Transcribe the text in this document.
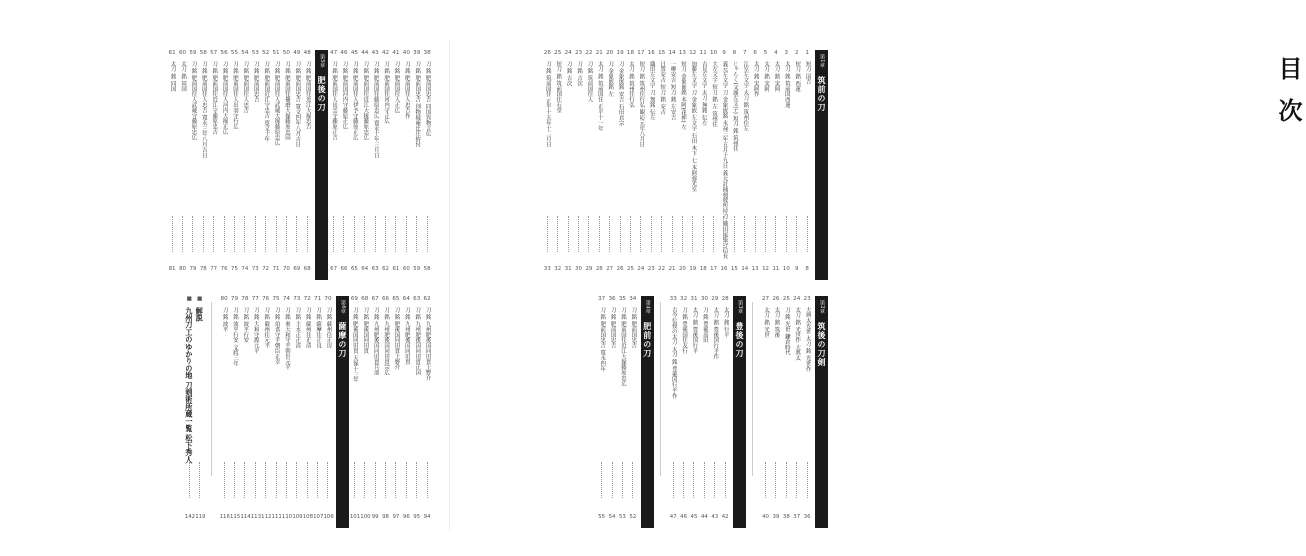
目次
第1章
筑前の刀
1
短刀 国吉
8
2
短刀 銘 西蓮
9
3
太刀 銘 筑前国西蓮
10
4
太刀 銘 実阿
11
5
太刀 銘 実阿
12
6
太刀 銘 実阿作
13
7
江室左文字 太刀 銘 筑州住左
14
8
じゃらく(又廣左文字) 短刀 銘 筑州住
15
9
義元左文字 刀 金象嵌銘 永禄三年五月十九日 義元討捕刻彼所持刀 織田尾張守信長
16
10
大左文字 短刀 銘 左 筑州住
17
11
吉見左文字 太刀 無銘 伝左
18
12
加藤左文字 刀 金象嵌 左文字 石田 木下 七 本阿弥光室
19
13
短刀 金象嵌銘 本阿(花押) 左
20
14
一柳安吉 短刀 銘 左安吉
21
15
日置安吉 短刀 銘 安吉
22
16
織田左文字 刀 無銘 伝左
23
17
短刀 銘 筑州住行弘 観応元年八月日
24
18
太刀 銘 筑州住行弘
25
19
刀 金象嵌銘 安吉 石田貞宗
26
20
刀 金象嵌銘 左
27
21
太刀 銘 筑前国住 正平十一年
28
22
刀 銘 筑前国住人
29
23
刀 銘 吉次
30
24
刀 銘 吉次
31
25
短刀 銘 筑前国住石堂
32
26
刀 銘 筑前国住 正平十五年十二月日
33
第2章
筑後の刀剣
23
大典太光世 太刀 銘 光世作
36
24
太刀 銘 光世作 大典太
37
25
刀 銘 光世 鎌倉時代
38
26
太刀 銘 筑後
39
27
太刀 銘 光世
40
第3章
豊後の刀
28
太刀 銘 行平
42
29
太刀 銘 豊後国行平作
43
30
刀 銘 豊後高田
44
31
太刀 銘 豊後国行平
45
32
刀 銘 豊後国住友行
46
33
古今伝授の太刀 太刀 銘 豊後国行平作
47
第4章
肥前の刀
34
刀 銘 肥前国忠吉
52
35
刀 銘 肥前国住近江大掾藤原忠広
53
36
刀 銘 肥前国忠吉
54
37
刀 銘 肥前国忠吉 寛永四年
55
38
刀 銘 肥前国忠吉 同国異物言伝
58
39
刀 銘 肥前国忠吉 別物疑庵比庄拵付
59
40
刀 銘 肥前国住人忠吉作
60
41
刀 銘 肥前国住人正広
61
42
刀 銘 肥前国住河内守正広
62
43
刀 銘 肥前国住藤原忠広 寛永十年三月日
63
44
刀 銘 肥前国住近江大掾藤原忠広
64
45
刀 銘 肥前国住人伊予守藤原正広
65
46
刀 銘 肥前国河内守藤原正広
66
47
刀 銘 肥前国住人出雲守藤原正吉
67
第5章
肥後の刀
48
刀 銘 肥前国住近江大掾忠吉
68
49
刀 銘 肥前国忠吉 寛文四年八月吉日
69
50
刀 銘 肥前国住播磨大掾藤原忠国
70
51
刀 銘 肥前国住人武蔵大掾藤原忠広
71
52
刀 銘 肥前国近江守忠吉 寛文十年
72
53
刀 銘 肥前国忠吉
73
54
刀 銘 肥前国住人忠吉
74
55
刀 銘 肥前国住人出羽守行広
75
56
刀 銘 肥前国住人河内大掾正広
76
57
刀 銘 肥前国住近江守藤原忠吉
77
58
刀 銘 肥前国住人忠吉 寛永三年八月吉日
78
59
刀 銘 肥前国住人武蔵守藤原忠広
79
60
太刀 銘 同国
80
61
太刀 銘 同国
81
62
刀 銘 九州肥後国同田貫上野介
94
63
刀 銘 九州肥後国同田貫正国
95
64
刀 銘 九州肥後国同田貫
96
65
刀 銘 肥後国同田貫上野介
97
66
刀 銘 九州肥後国同田貫宗広
98
67
刀 銘 九州肥後国同田貫兵部
99
68
刀 銘 肥後国同田貫
100
69
刀 銘 肥後国同田貫 天保十三年
101
第6章
薩摩の刀
70
刀 銘 薩州住正房
106
71
刀 銘 薩摩住正良
107
72
刀 銘 薩州住正清
108
73
刀 銘 主水正正清
109
74
刀 銘 奥大和守平朝臣元平
110
75
刀 銘 伯耆守平朝臣正幸
111
76
刀 銘 薩州住元平
112
77
刀 銘 大和守源元平
113
78
刀 銘 波平行安
114
79
刀 銘 波平行安 文政三年
115
80
刀 銘 波平
116
■
解説
119
■
九州刀工のゆかりの地 刀剣術所蔵一覧 松下秀人
142
